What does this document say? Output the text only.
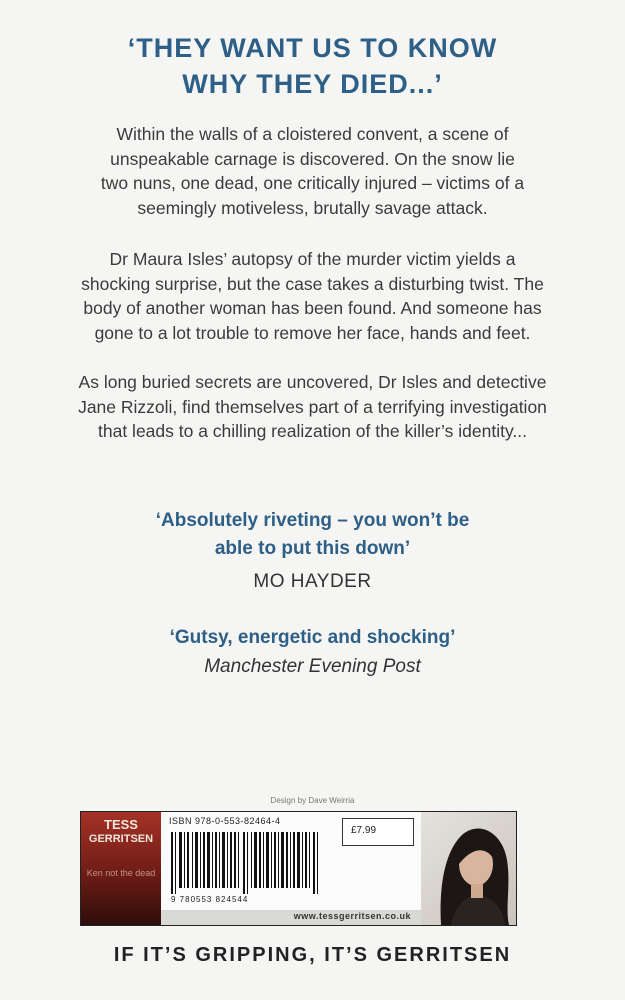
‘THEY WANT US TO KNOW
WHY THEY DIED...’
Within the walls of a cloistered convent, a scene of
unspeakable carnage is discovered. On the snow lie
two nuns, one dead, one critically injured – victims of a
seemingly motiveless, brutally savage attack.
Dr Maura Isles’ autopsy of the murder victim yields a
shocking surprise, but the case takes a disturbing twist. The
body of another woman has been found. And someone has
gone to a lot trouble to remove her face, hands and feet.
As long buried secrets are uncovered, Dr Isles and detective
Jane Rizzoli, find themselves part of a terrifying investigation
that leads to a chilling realization of the killer’s identity...
‘Absolutely riveting – you won’t be
able to put this down’
MO HAYDER
‘Gutsy, energetic and shocking’
Manchester Evening Post
Design by Dave Weirria
TESS
GERRITSEN
Ken not the dead
ISBN 978-0-553-82464-4
9 780553 824544
£7.99
www.tessgerritsen.co.uk
IF IT’S GRIPPING, IT’S GERRITSEN
